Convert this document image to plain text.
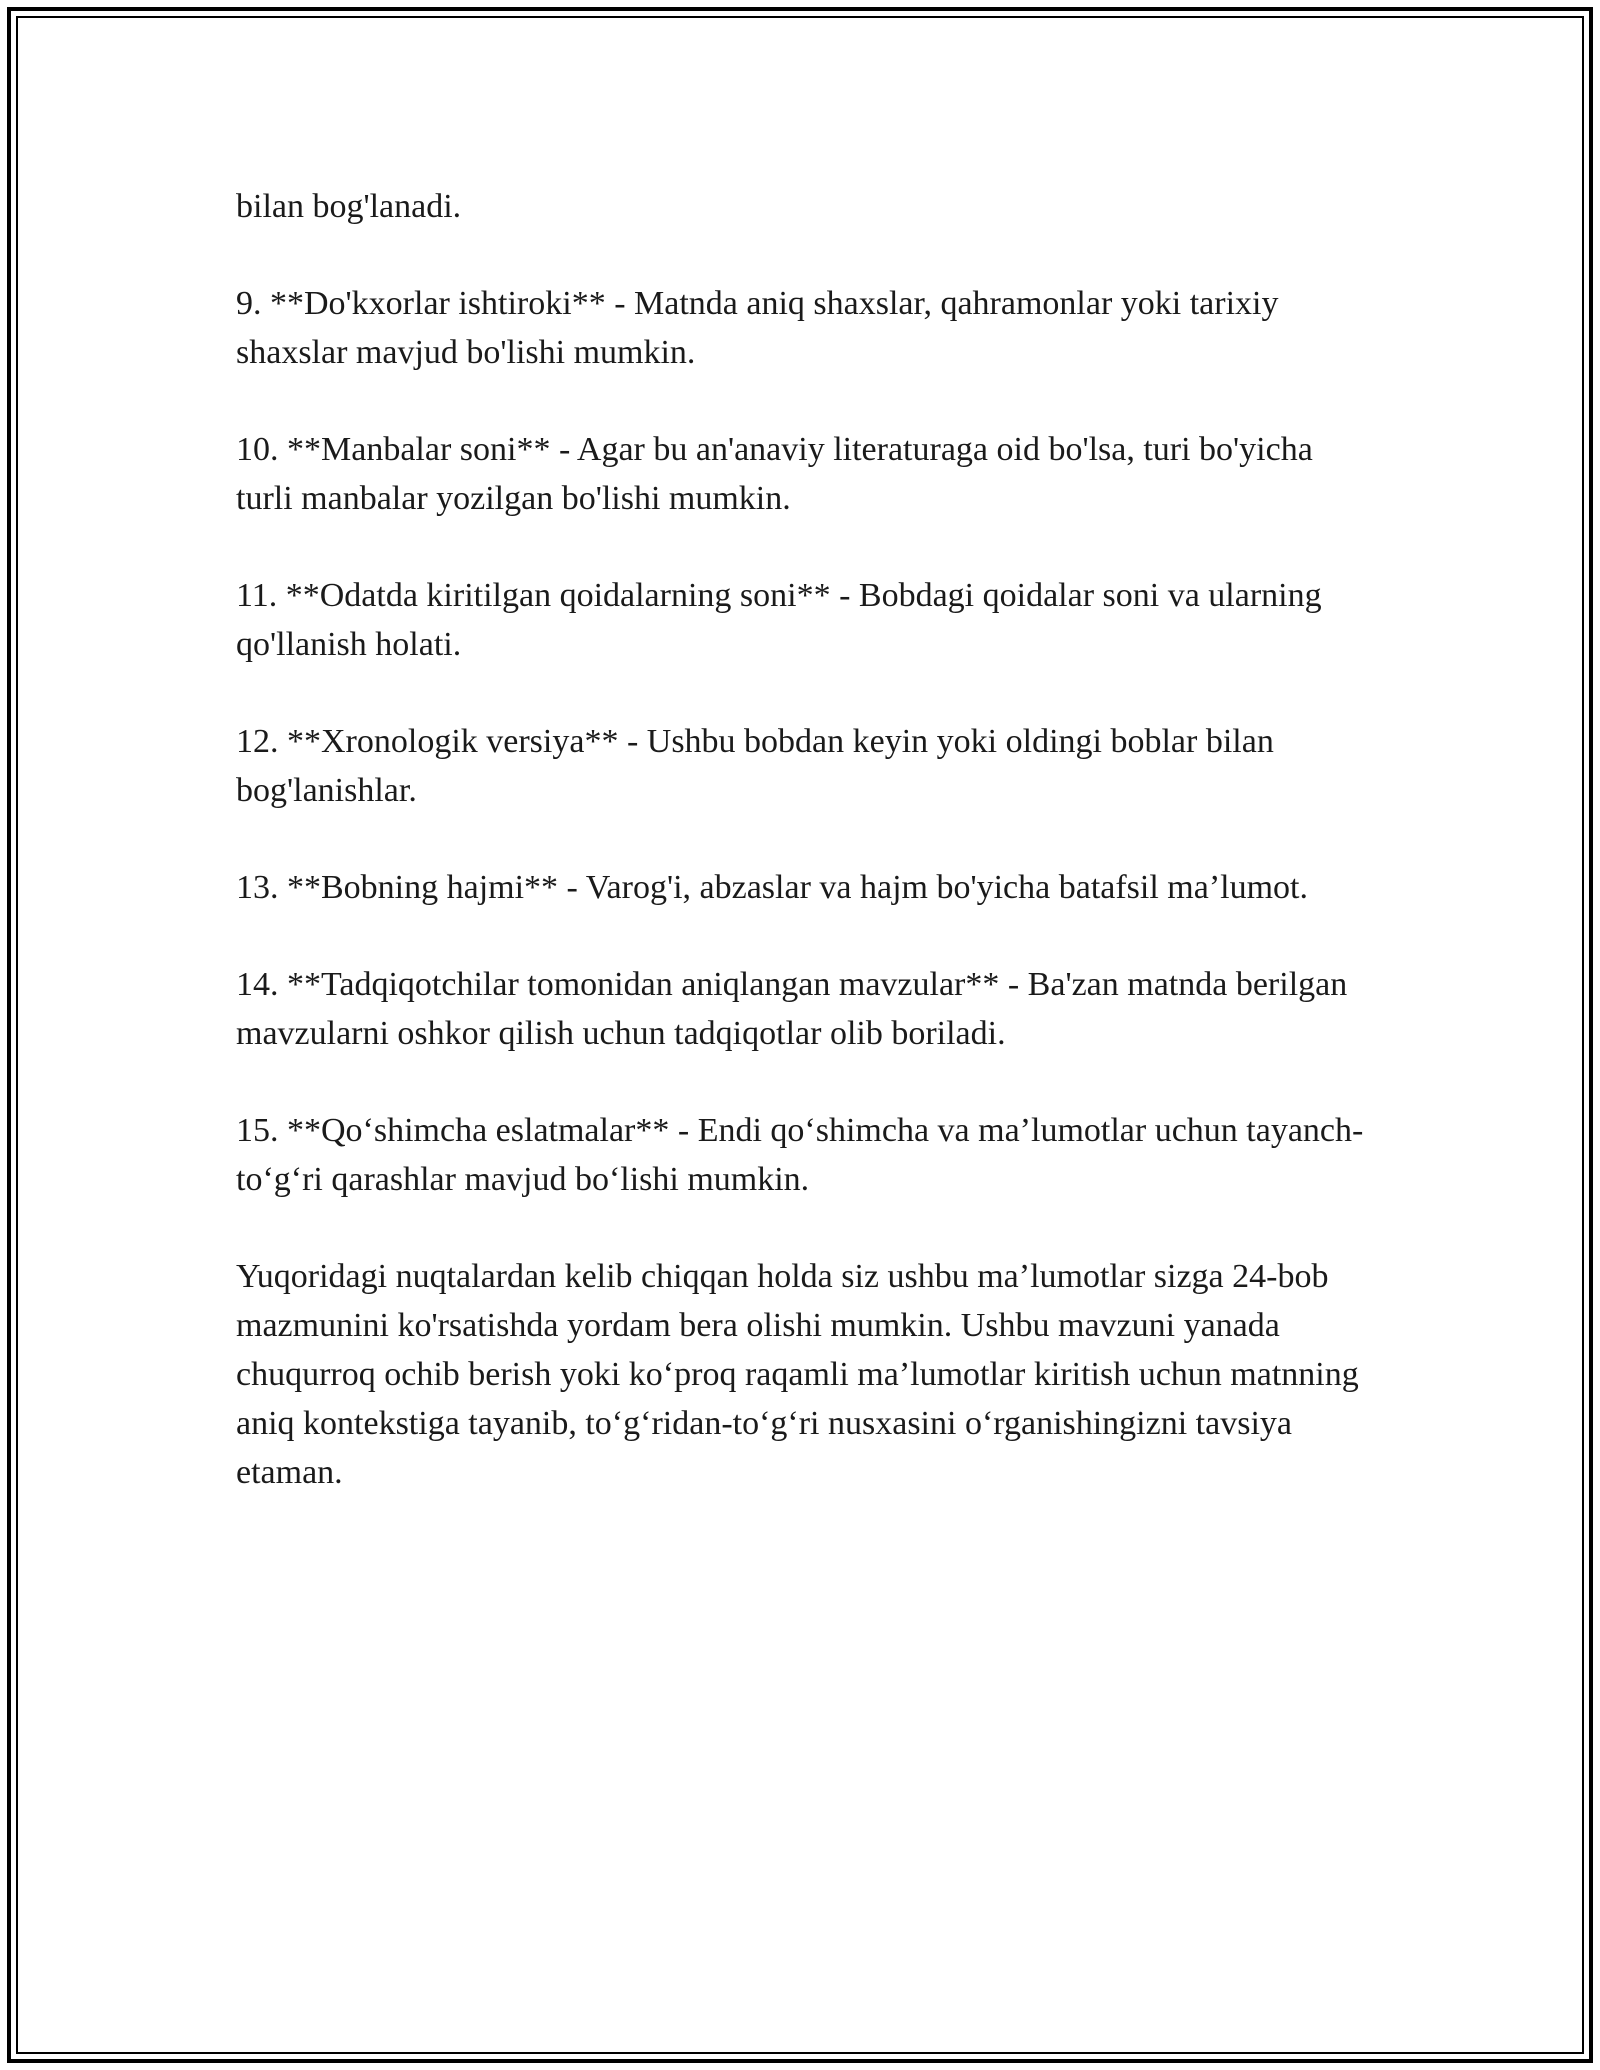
bilan bog'lanadi.

9. **Do'kxorlar ishtiroki** - Matnda aniq shaxslar, qahramonlar yoki tarixiy shaxslar mavjud bo'lishi mumkin.

10. **Manbalar soni** - Agar bu an'anaviy literaturaga oid bo'lsa, turi bo'yicha turli manbalar yozilgan bo'lishi mumkin.

11. **Odatda kiritilgan qoidalarning soni** - Bobdagi qoidalar soni va ularning qo'llanish holati.

12. **Xronologik versiya** - Ushbu bobdan keyin yoki oldingi boblar bilan bog'lanishlar.

13. **Bobning hajmi** - Varog'i, abzaslar va hajm bo'yicha batafsil ma’lumot.

14. **Tadqiqotchilar tomonidan aniqlangan mavzular** - Ba'zan matnda berilgan mavzularni oshkor qilish uchun tadqiqotlar olib boriladi.

15. **Qo‘shimcha eslatmalar** - Endi qo‘shimcha va ma’lumotlar uchun tayanch-to‘g‘ri qarashlar mavjud bo‘lishi mumkin.

Yuqoridagi nuqtalardan kelib chiqqan holda siz ushbu ma’lumotlar sizga 24-bob mazmunini ko'rsatishda yordam bera olishi mumkin. Ushbu mavzuni yanada chuqurroq ochib berish yoki ko‘proq raqamli ma’lumotlar kiritish uchun matnning aniq kontekstiga tayanib, to‘g‘ridan-to‘g‘ri nusxasini o‘rganishingizni tavsiya etaman.
